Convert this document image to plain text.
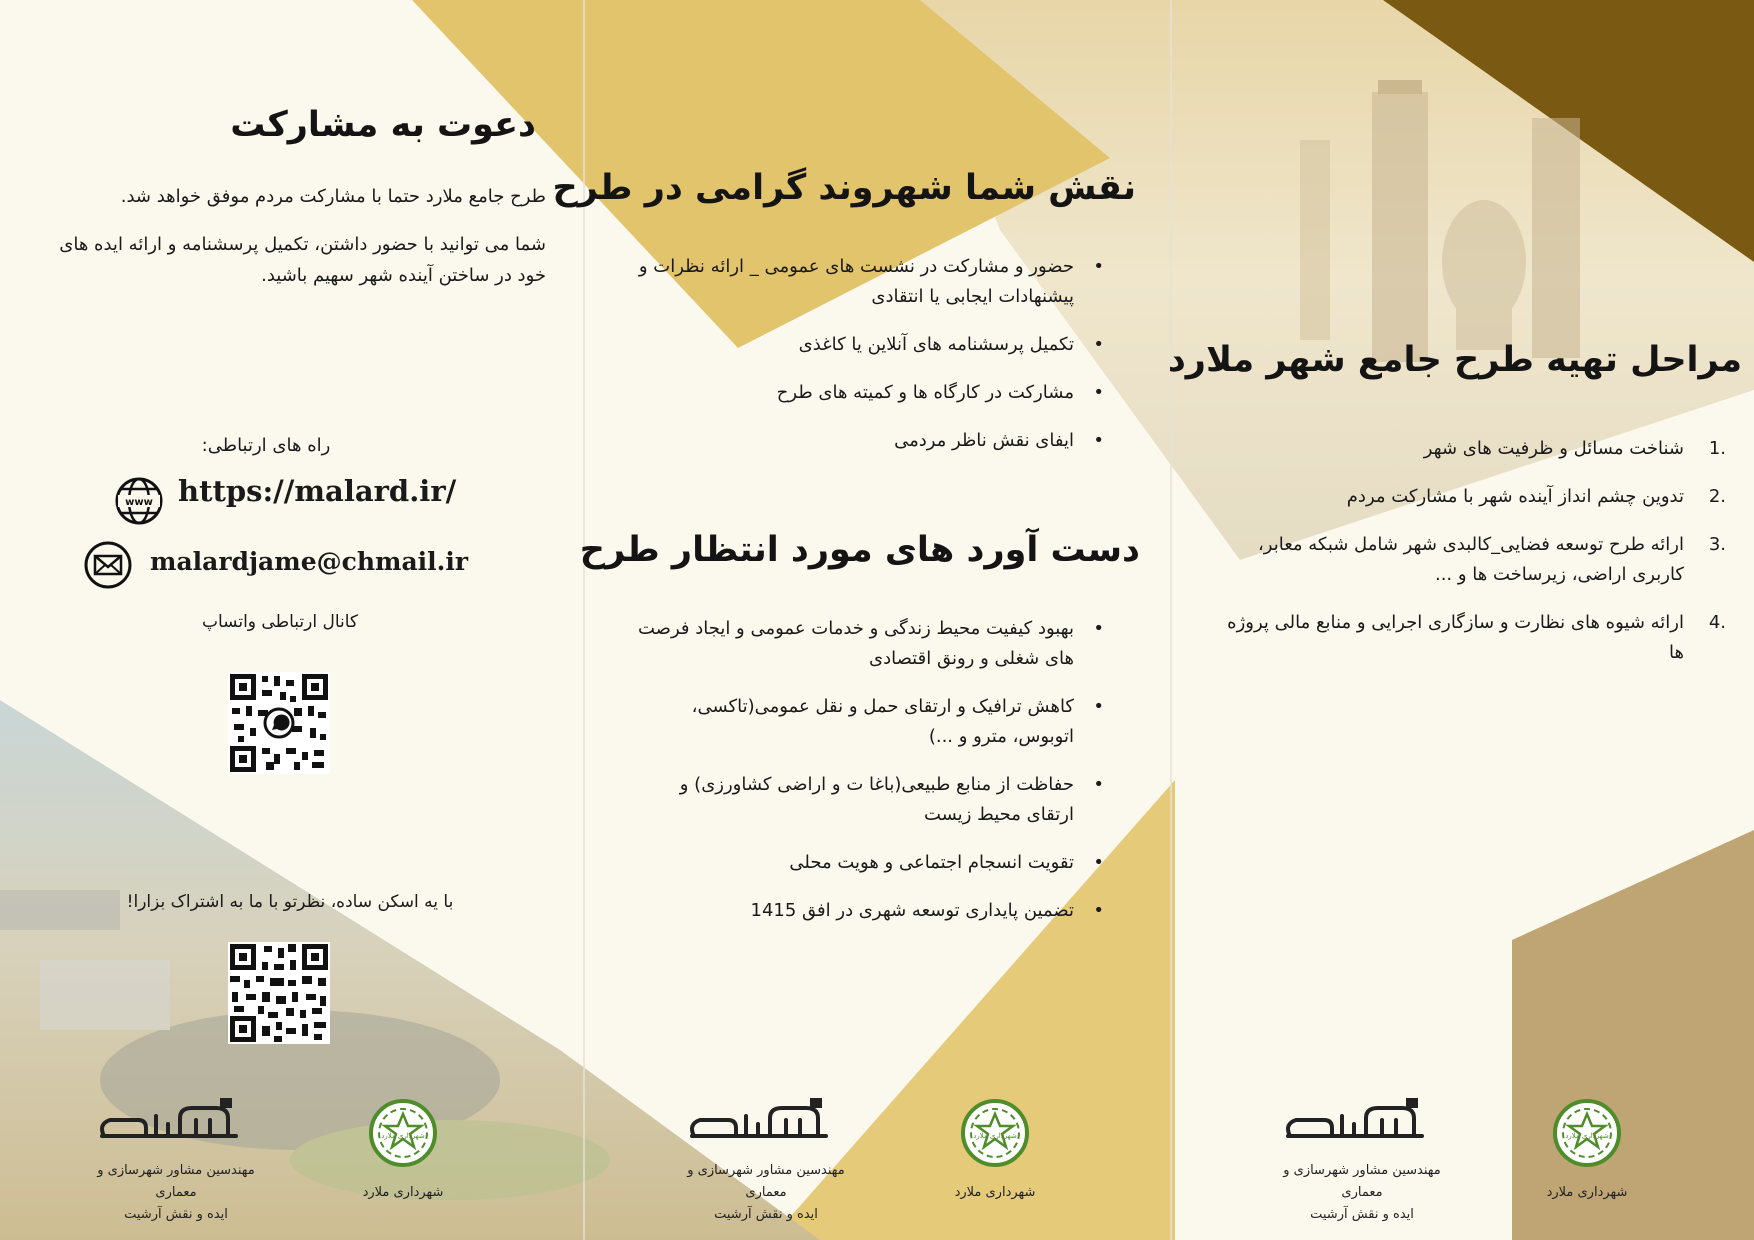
مراحل تهیه طرح جامع شهر ملارد
1.
شناخت مسائل و ظرفیت های شهر
2.
تدوین چشم انداز آینده شهر با مشارکت مردم
3.
ارائه طرح توسعه فضایی_کالبدی شهر شامل شبکه معابر، کاربری اراضی، زیرساخت ها و ...
4.
ارائه شیوه های نظارت و سازگاری اجرایی و منابع مالی پروژه ها
نقش شما شهروند گرامی در طرح
• حضور و مشارکت در نشست های عمومی _ ارائه نظرات و پیشنهادات ایجابی یا انتقادی
• تکمیل پرسشنامه های آنلاین یا کاغذی
• مشارکت در کارگاه ها و کمیته های طرح
• ایفای نقش ناظر مردمی
دست آورد های مورد انتظار طرح
• بهبود کیفیت محیط زندگی و خدمات عمومی و ایجاد فرصت های شغلی و رونق اقتصادی
• کاهش ترافیک و ارتقای حمل و نقل عمومی(تاکسی، اتوبوس، مترو و ...)
• حفاظت از منابع طبیعی(باغا ت و اراضی کشاورزی) و ارتقای محیط زیست
• تقویت انسجام اجتماعی و هویت محلی
• تضمین پایداری توسعه شهری در افق 1415
دعوت به مشارکت
طرح جامع ملارد حتما با مشارکت مردم موفق خواهد شد.
شما می توانید با حضور داشتن، تکمیل پرسشنامه و ارائه ایده های خود در ساختن آینده شهر سهیم باشید.
راه های ارتباطی:
www https://malard.ir/
malardjame@chmail.ir
کانال ارتباطی واتساپ
با یه اسکن ساده، نظرتو با ما به اشتراک بزارا!
مهندسین مشاور شهرسازی و معماری
ایده و نقش آرشیت
شهرداری ملارد
شهرداری ملارد
مهندسین مشاور شهرسازی و معماری
ایده و نقش آرشیت
شهرداری ملارد
شهرداری ملارد
مهندسین مشاور شهرسازی و معماری
ایده و نقش آرشیت
شهرداری ملارد
شهرداری ملارد
